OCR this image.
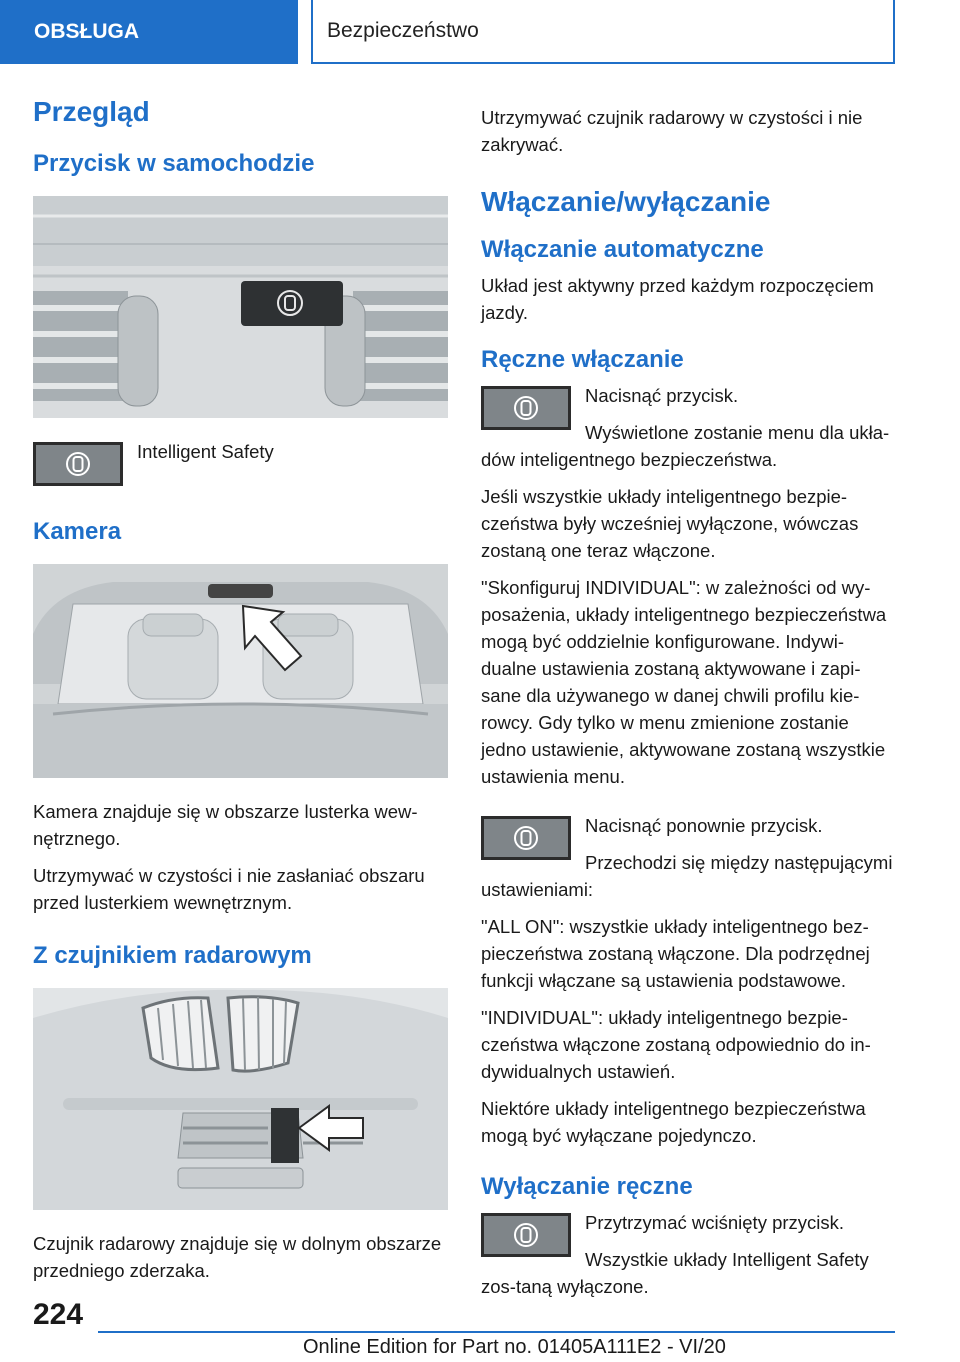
OBSŁUGA	Bezpieczeństwo
Przegląd
Przycisk w samochodzie

Intelligent Safety

Kamera

Kamera znajduje się w obszarze lusterka wew-nętrznego.

Utrzymywać w czystości i nie zasłaniać obszaru przed lusterkiem wewnętrznym.

Z czujnikiem radarowym

Czujnik radarowy znajduje się w dolnym obszarze przedniego zderzaka.

Utrzymywać czujnik radarowy w czystości i nie zakrywać.

Włączanie/wyłączanie
Włączanie automatyczne

Układ jest aktywny przed każdym rozpoczęciem jazdy.

Ręczne włączanie

Nacisnąć przycisk.

Wyświetlone zostanie menu dla ukła-dów inteligentnego bezpieczeństwa.

Jeśli wszystkie układy inteligentnego bezpie-czeństwa były wcześniej wyłączone, wówczas zostaną one teraz włączone.

"Skonfiguruj INDIVIDUAL": w zależności od wy-posażenia, układy inteligentnego bezpieczeństwa mogą być oddzielnie konfigurowane. Indywi-dualne ustawienia zostaną aktywowane i zapi-sane dla używanego w danej chwili profilu kie-rowcy. Gdy tylko w menu zmienione zostanie jedno ustawienie, aktywowane zostaną wszystkie ustawienia menu.

Nacisnąć ponownie przycisk.

Przechodzi się między następującymi ustawieniami:

"ALL ON": wszystkie układy inteligentnego bez-pieczeństwa zostaną włączone. Dla podrzędnej funkcji włączane są ustawienia podstawowe.

"INDIVIDUAL": układy inteligentnego bezpie-czeństwa włączone zostaną odpowiednio do in-dywidualnych ustawień.

Niektóre układy inteligentnego bezpieczeństwa mogą być wyłączane pojedynczo.

Wyłączanie ręczne

Przytrzymać wciśnięty przycisk.

Wszystkie układy Intelligent Safety zos-taną wyłączone.

224
Online Edition for Part no. 01405A111E2 - VI/20
